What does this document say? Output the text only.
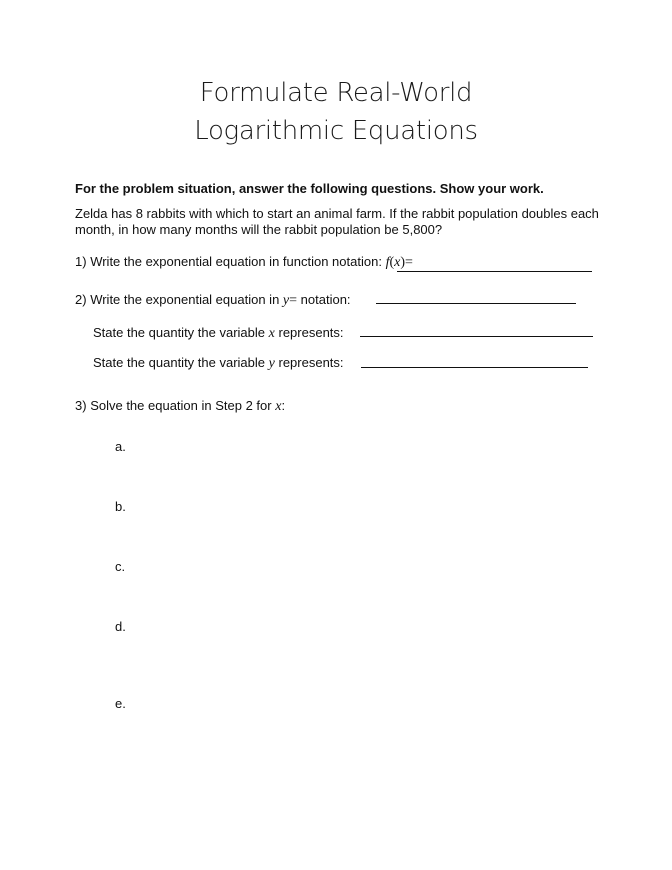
Formulate Real-World
Logarithmic Equations
For the problem situation, answer the following questions. Show your work.
Zelda has 8 rabbits with which to start an animal farm. If the rabbit population doubles each month, in how many months will the rabbit population be 5,800?
1) Write the exponential equation in function notation: f(x)=
2) Write the exponential equation in y= notation:
State the quantity the variable x represents:
State the quantity the variable y represents:
3) Solve the equation in Step 2 for x:
a.
b.
c.
d.
e.
